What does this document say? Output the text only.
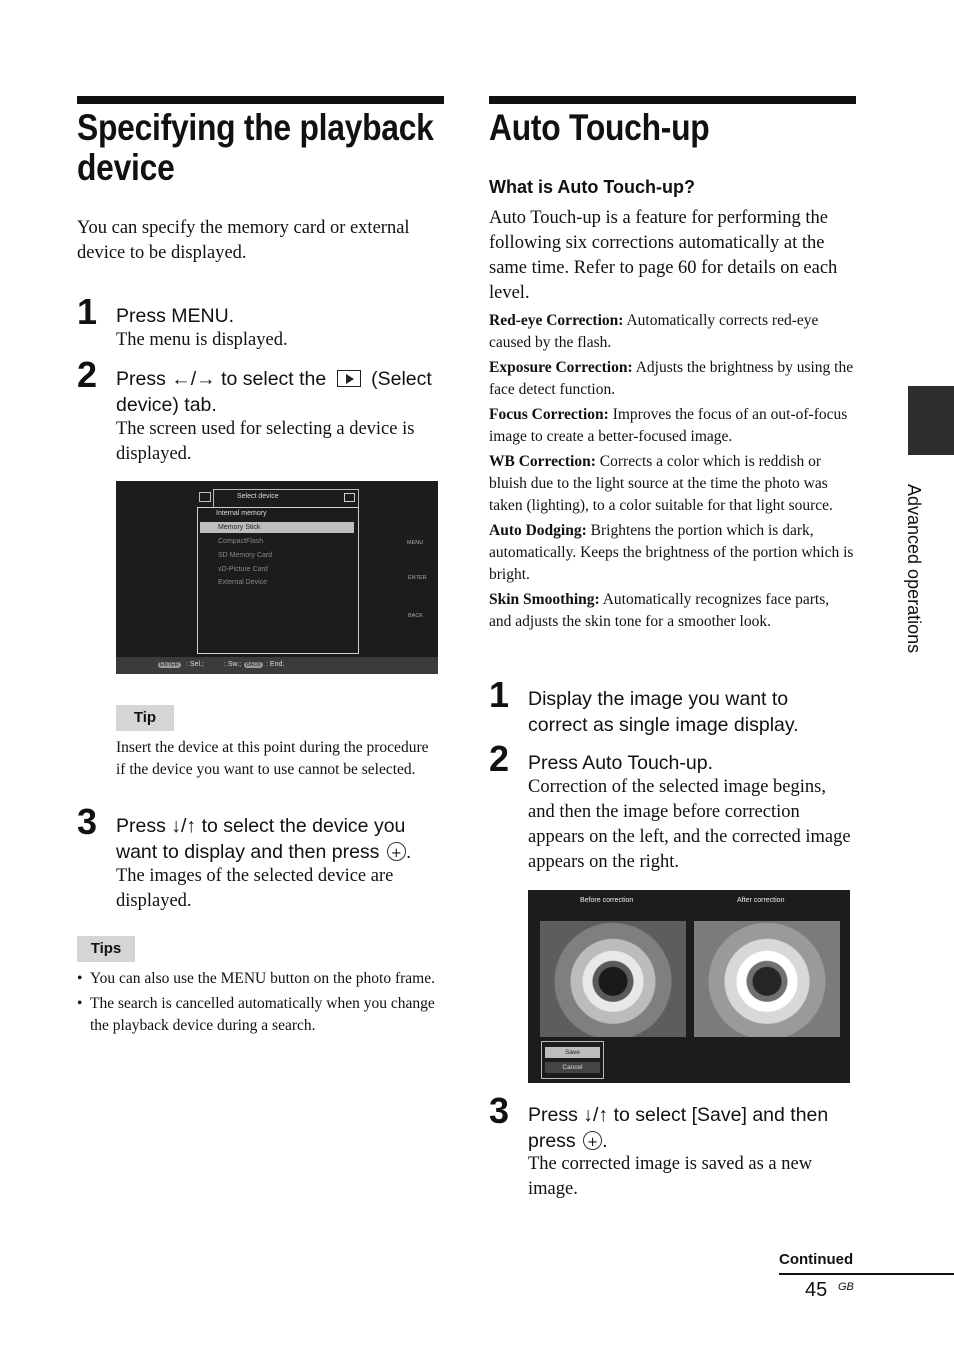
Specifying the playback
device
You can specify the memory card or external device to be displayed.
1 Press MENU.
The menu is displayed.
2 Press ←/→ to select the (Select device) tab.
The screen used for selecting a device is displayed.
Select device
Internal memory
Memory Stick
CompactFlash
SD Memory Card
xD-Picture Card
External Device
MENU
ENTER
BACK
ENTER : Sel.;	: Sw.; BACK : End.
Tip
Insert the device at this point during the procedure if the device you want to use cannot be selected.
3 Press ↓/↑ to select the device you want to display and then press + .
The images of the selected device are displayed.
Tips
• You can also use the MENU button on the photo frame.
• The search is cancelled automatically when you change the playback device during a search.
Auto Touch-up
What is Auto Touch-up?
Auto Touch-up is a feature for performing the following six corrections automatically at the same time. Refer to page 60 for details on each level.
Red-eye Correction: Automatically corrects red-eye caused by the flash.
Exposure Correction: Adjusts the brightness by using the face detect function.
Focus Correction: Improves the focus of an out-of-focus image to create a better-focused image.
WB Correction: Corrects a color which is reddish or bluish due to the light source at the time the photo was taken (lighting), to a color suitable for that light source.
Auto Dodging: Brightens the portion which is dark, automatically. Keeps the brightness of the portion which is bright.
Skin Smoothing: Automatically recognizes face parts, and adjusts the skin tone for a smoother look.
1 Display the image you want to correct as single image display.
2 Press Auto Touch-up.
Correction of the selected image begins, and then the image before correction appears on the left, and the corrected image appears on the right.
Before correction	After correction
Save
Cancel
3 Press ↓/↑ to select [Save] and then press + .
The corrected image is saved as a new image.
Advanced operations
Continued
45 GB
